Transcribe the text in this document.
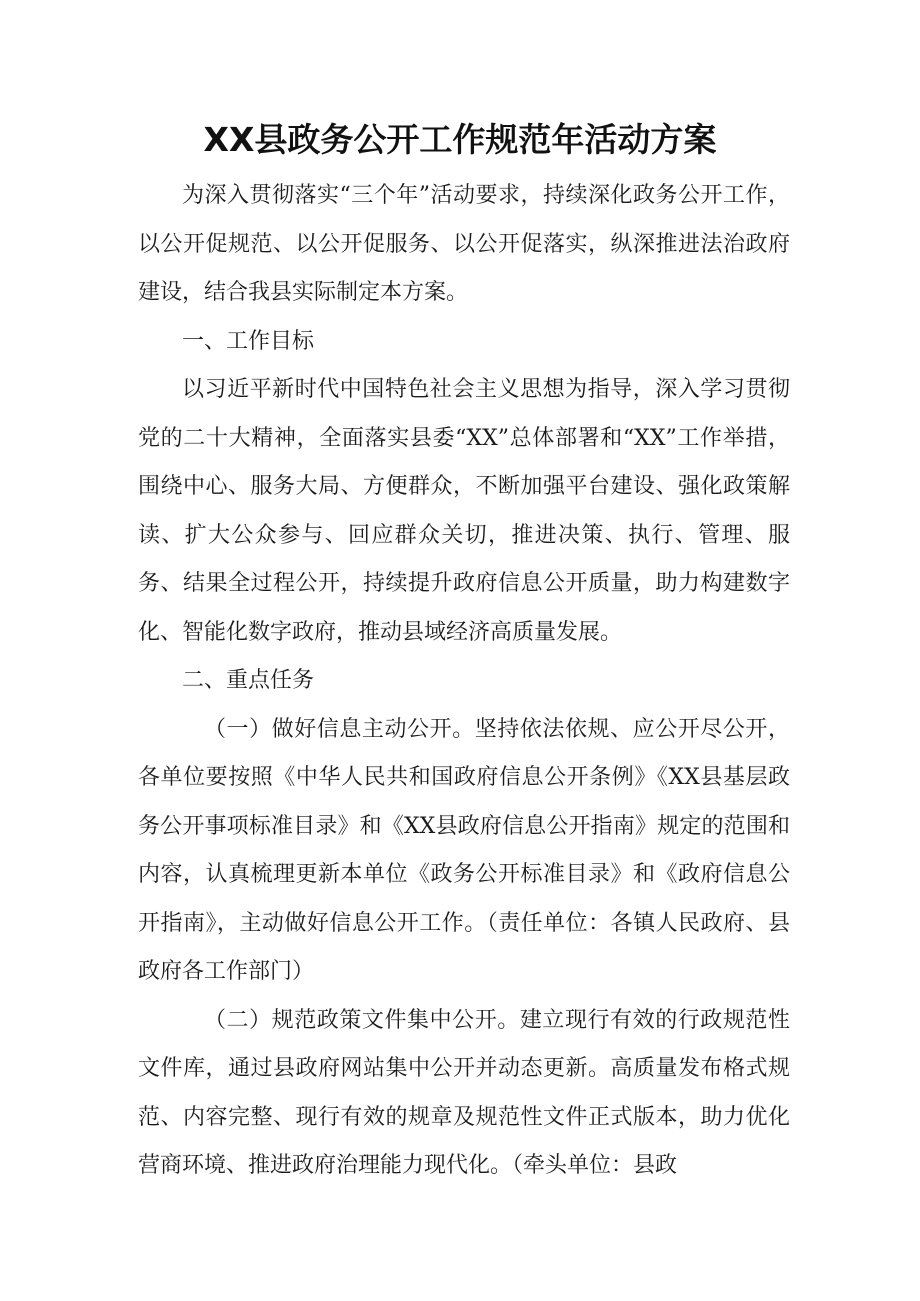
XX县政务公开工作规范年活动方案

为深入贯彻落实“三个年”活动要求，持续深化政务公开工作，以公开促规范、以公开促服务、以公开促落实，纵深推进法治政府建设，结合我县实际制定本方案。

一、工作目标

以习近平新时代中国特色社会主义思想为指导，深入学习贯彻党的二十大精神，全面落实县委“XX”总体部署和“XX”工作举措，围绕中心、服务大局、方便群众，不断加强平台建设、强化政策解读、扩大公众参与、回应群众关切，推进决策、执行、管理、服务、结果全过程公开，持续提升政府信息公开质量，助力构建数字化、智能化数字政府，推动县域经济高质量发展。

二、重点任务

（一）做好信息主动公开。坚持依法依规、应公开尽公开，各单位要按照《中华人民共和国政府信息公开条例》《XX县基层政务公开事项标准目录》和《XX县政府信息公开指南》规定的范围和内容，认真梳理更新本单位《政务公开标准目录》和《政府信息公开指南》，主动做好信息公开工作。（责任单位：各镇人民政府、县政府各工作部门）

（二）规范政策文件集中公开。建立现行有效的行政规范性文件库，通过县政府网站集中公开并动态更新。高质量发布格式规范、内容完整、现行有效的规章及规范性文件正式版本，助力优化营商环境、推进政府治理能力现代化。（牵头单位：县政
